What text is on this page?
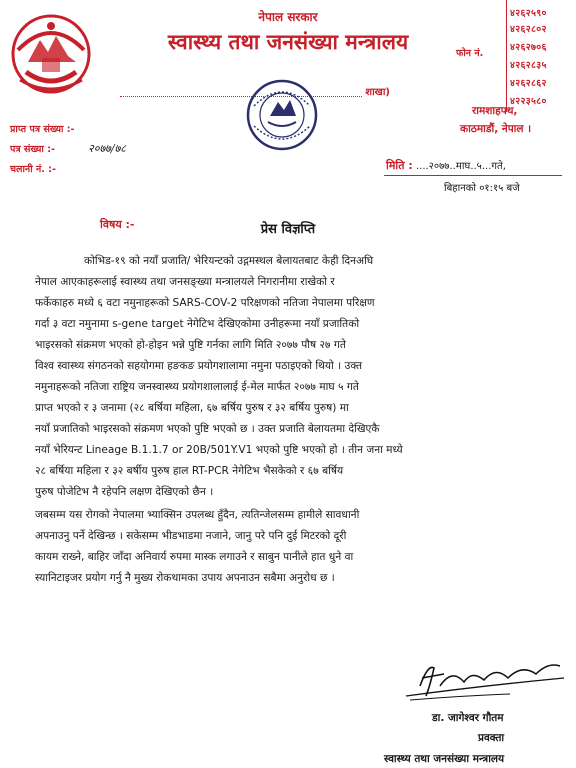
नेपाल सरकार
स्वास्थ्य तथा जनसंख्या मन्त्रालय
शाखा)
४२६२५९०
४२६२८०२
४२६२७०६
४२६२८३५
४२६२८६२
४२२३५८०
फोन नं.
रामशाहपथ,
काठमाडौं, नेपाल ।
प्राप्त पत्र संख्या :-
पत्र संख्या :-	२०७७/७८
चलानी नं. :-	मिति : ....२०७७..माघ..५...गते,
बिहानको ०१:१५ बजे
विषय :-	प्रेस विज्ञप्ति
कोभिड-१९ को नयाँ प्रजाति/ भेरियन्टको उद्गमस्थल बेलायतबाट केही दिनअघि
नेपाल आएकाहरूलाई स्वास्थ्य तथा जनसङ्ख्या मन्त्रालयले निगरानीमा राखेको र
फर्केकाहरु मध्ये ६ वटा नमुनाहरूको SARS-COV-2 परिक्षणको नतिजा नेपालमा परिक्षण
गर्दा ३ वटा नमुनामा s-gene target नेगेटिभ देखिएकोमा उनीहरूमा नयाँ प्रजातिको
भाइरसको संक्रमण भएको हो-होइन भन्ने पुष्टि गर्नका लागि मिति २०७७ पौष २७ गते
विश्व स्वास्थ्य संगठनको सहयोगमा हङकङ प्रयोगशालामा नमुना पठाइएको थियो । उक्त
नमुनाहरूको नतिजा राष्ट्रिय जनस्वास्थ्य प्रयोगशालालाई ई-मेल मार्फत २०७७ माघ ५ गते
प्राप्त भएको र ३ जनामा (२८ बर्षिया महिला, ६७ बर्षिय पुरुष र ३२ बर्षिय पुरुष) मा
नयाँ प्रजातिको भाइरसको संक्रमण भएको पुष्टि भएको छ । उक्त प्रजाति बेलायतमा देखिएकै
नयाँ भेरियन्ट Lineage B.1.1.7 or 20B/501Y.V1 भएको पुष्टि भएको हो । तीन जना मध्ये
२८ बर्षिया महिला र ३२ बर्षीय पुरुष हाल RT-PCR नेगेटिभ भैसकेको र ६७ बर्षिय
पुरुष पोजेटिभ नै रहेपनि लक्षण देखिएको छैन ।
जबसम्म यस रोगको नेपालमा भ्याक्सिन उपलब्ध हुँदैन, त्यतिन्जेलसम्म हामीले सावधानी
अपनाउनु पर्ने देखिन्छ । सकेसम्म भीडभाडमा नजाने, जानु परे पनि दुई मिटरको दूरी
कायम राख्ने, बाहिर जाँदा अनिवार्य रुपमा मास्क लगाउने र साबुन पानीले हात धुने वा
स्यानिटाइजर प्रयोग गर्नु नै मुख्य रोकथामका उपाय अपनाउन सबैमा अनुरोध छ ।
डा. जागेश्वर गौतम
प्रवक्ता
स्वास्थ्य तथा जनसंख्या मन्त्रालय
